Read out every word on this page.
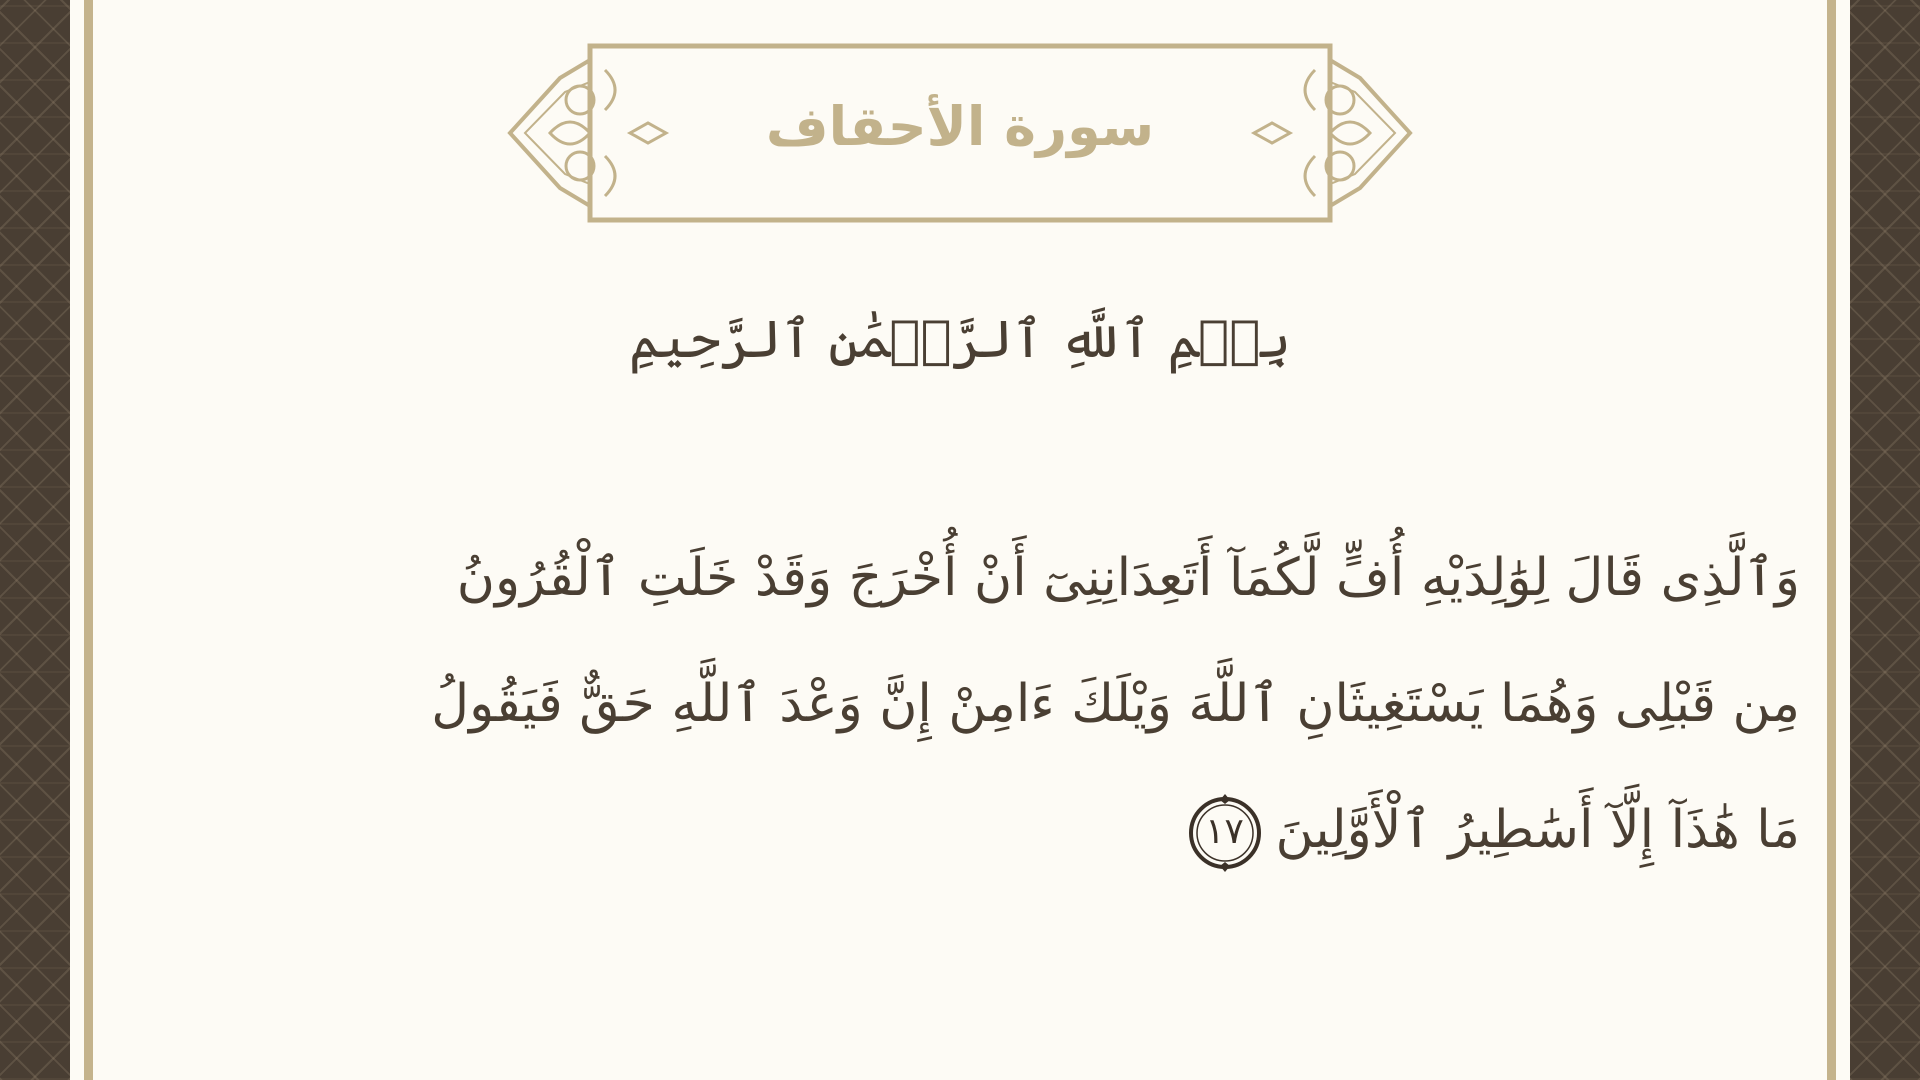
سورة الأحقاف
بِسۡمِ ٱللَّهِ ٱلرَّحۡمَٰنِ ٱلرَّحِيمِ
وَٱلَّذِى قَالَ لِوَٰلِدَيْهِ أُفٍّ لَّكُمَآ أَتَعِدَانِنِىٓ أَنْ أُخْرَجَ وَقَدْ خَلَتِ ٱلْقُرُونُ
مِن قَبْلِى وَهُمَا يَسْتَغِيثَانِ ٱللَّهَ وَيْلَكَ ءَامِنْ إِنَّ وَعْدَ ٱللَّهِ حَقٌّ فَيَقُولُ
مَا هَٰذَآ إِلَّآ أَسَٰطِيرُ ٱلْأَوَّلِينَ
١٧
